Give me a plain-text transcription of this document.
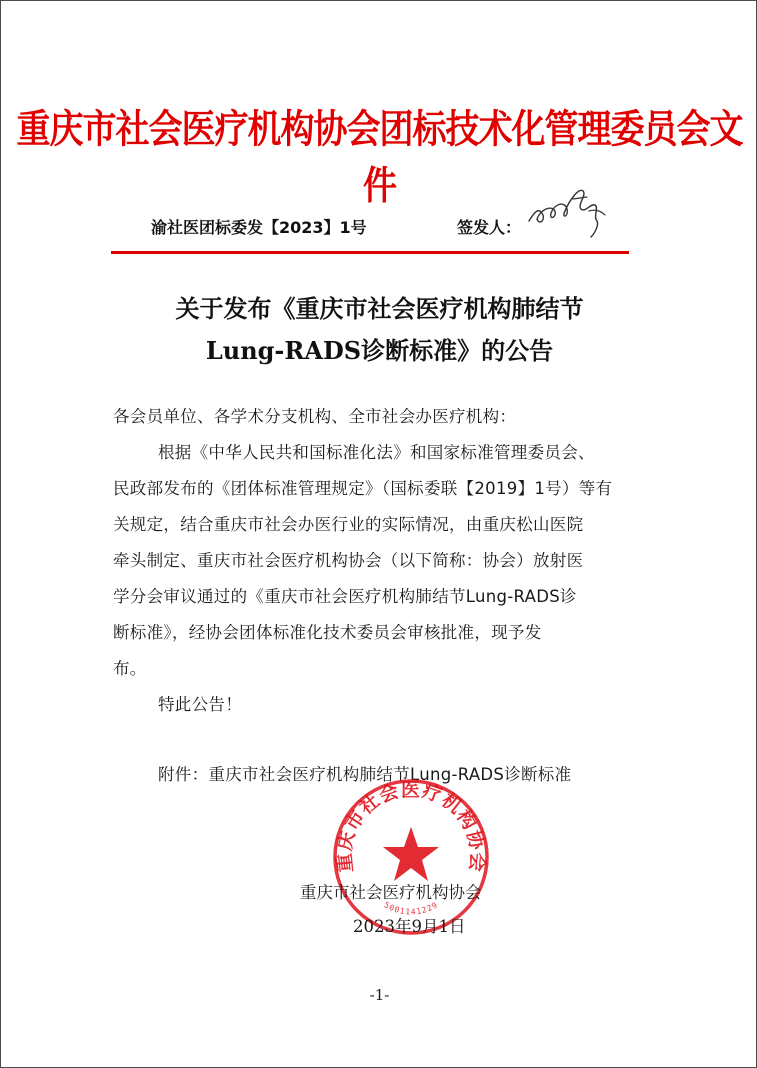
重庆市社会医疗机构协会团标技术化管理委员会文件
渝社医团标委发【2023】1号	签发人：
关于发布《重庆市社会医疗机构肺结节
Lung-RADS诊断标准》的公告
各会员单位、各学术分支机构、全市社会办医疗机构：
根据《中华人民共和国标准化法》和国家标准管理委员会、
民政部发布的《团体标准管理规定》（国标委联【2019】1号）等有
关规定，结合重庆市社会办医行业的实际情况，由重庆松山医院
牵头制定、重庆市社会医疗机构协会（以下简称：协会）放射医
学分会审议通过的《重庆市社会医疗机构肺结节Lung-RADS诊
断标准》，经协会团体标准化技术委员会审核批准，现予发
布。
特此公告！
附件：重庆市社会医疗机构肺结节Lung-RADS诊断标准
重庆市社会医疗机构协会
5001141229
重庆市社会医疗机构协会
2023年9月1日
-1-
